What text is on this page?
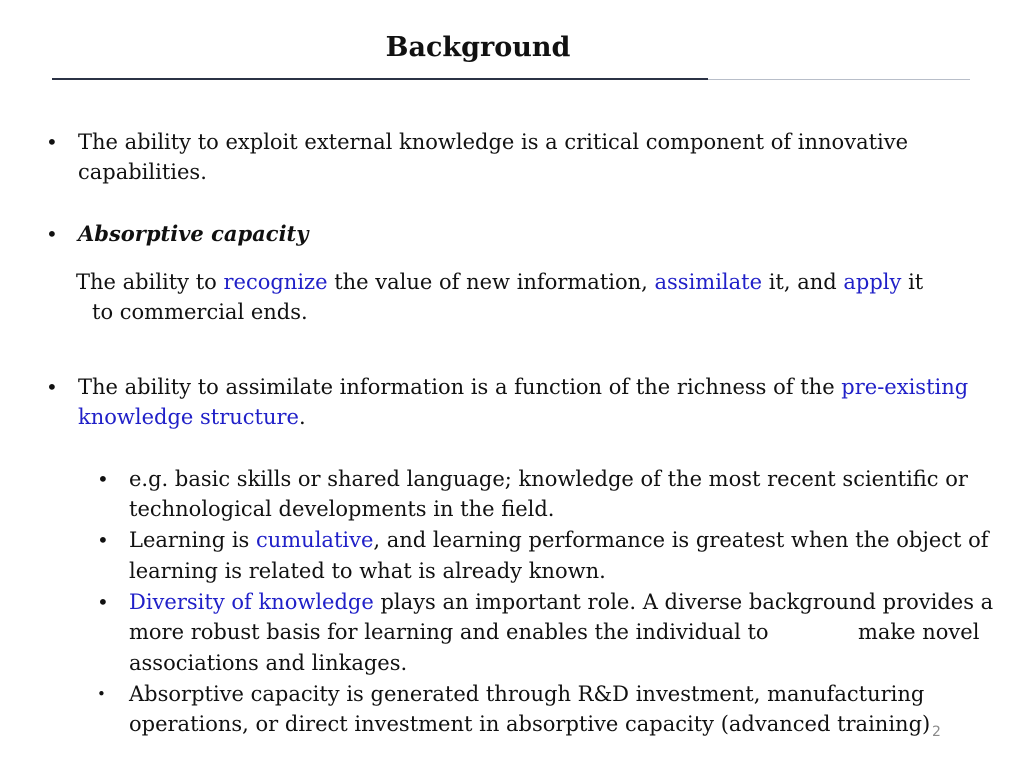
Background
• The ability to exploit external knowledge is a critical component of innovative
capabilities.
• Absorptive capacity
The ability to recognize the value of new information, assimilate it, and apply it
to commercial ends.
• The ability to assimilate information is a function of the richness of the pre-existing
knowledge structure.
• e.g. basic skills or shared language; knowledge of the most recent scientific or
technological developments in the field.
• Learning is cumulative, and learning performance is greatest when the object of
learning is related to what is already known.
• Diversity of knowledge plays an important role. A diverse background provides a
more robust basis for learning and enables the individual to	make novel
associations and linkages.
• Absorptive capacity is generated through R&D investment, manufacturing
operations, or direct investment in absorptive capacity (advanced training) 2
